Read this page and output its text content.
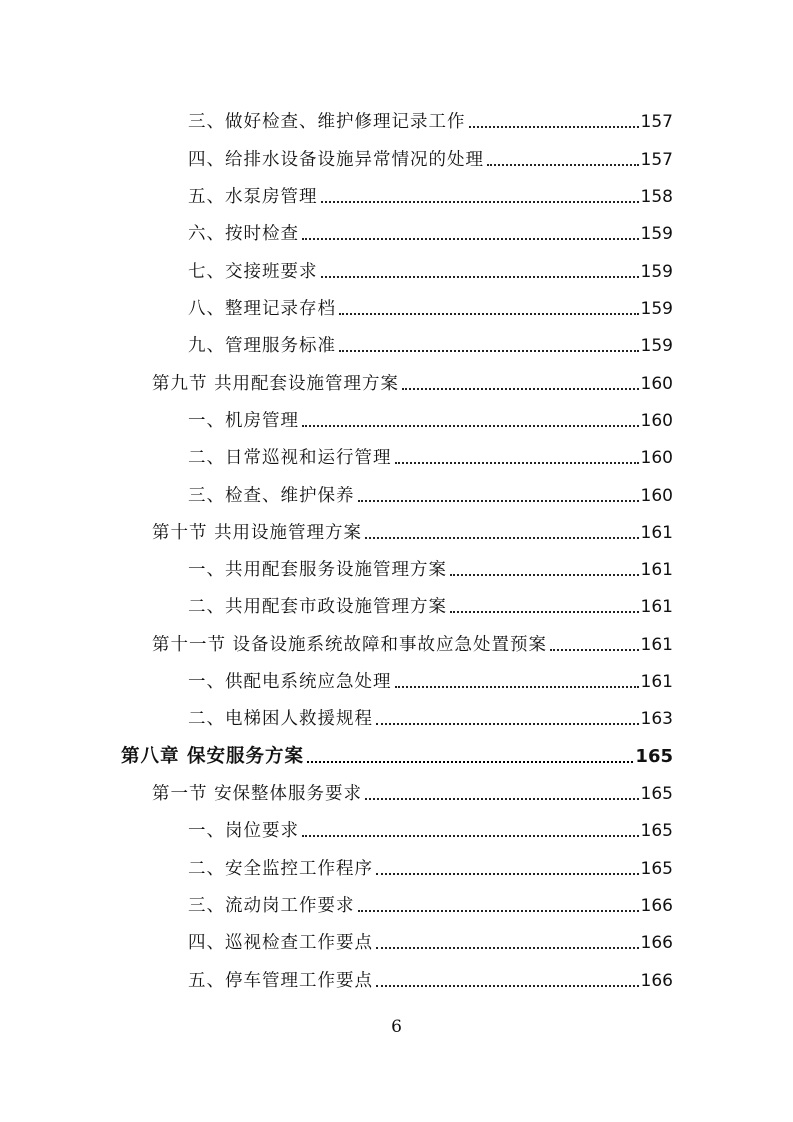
三、做好检查、维护修理记录工作	157
四、给排水设备设施异常情况的处理	157
五、水泵房管理	158
六、按时检查	159
七、交接班要求	159
八、整理记录存档	159
九、管理服务标准	159
第九节 共用配套设施管理方案	160
一、机房管理	160
二、日常巡视和运行管理	160
三、检查、维护保养	160
第十节 共用设施管理方案	161
一、共用配套服务设施管理方案	161
二、共用配套市政设施管理方案	161
第十一节 设备设施系统故障和事故应急处置预案	161
一、供配电系统应急处理	161
二、电梯困人救援规程	163
第八章 保安服务方案	165
第一节 安保整体服务要求	165
一、岗位要求	165
二、安全监控工作程序	165
三、流动岗工作要求	166
四、巡视检查工作要点	166
五、停车管理工作要点	166
6
